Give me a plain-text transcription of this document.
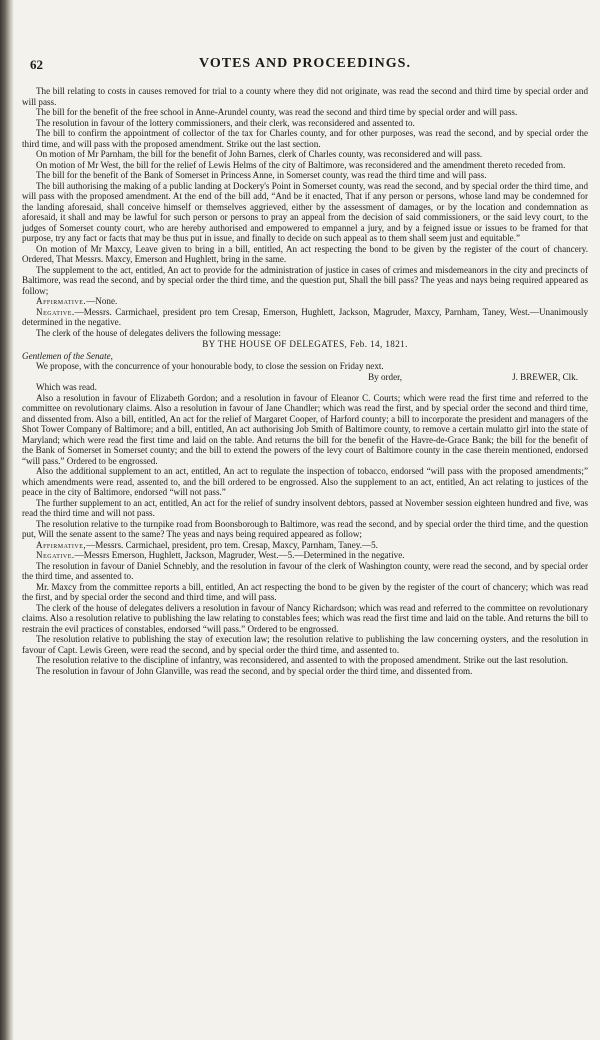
62	VOTES AND PROCEEDINGS.

The bill relating to costs in causes removed for trial to a county where they did not originate, was read the second and third time by special order and will pass.

The bill for the benefit of the free school in Anne-Arundel county, was read the second and third time by special order and will pass.

The resolution in favour of the lottery commissioners, and their clerk, was reconsidered and assented to.

The bill to confirm the appointment of collector of the tax for Charles county, and for other purposes, was read the second, and by special order the third time, and will pass with the proposed amendment. Strike out the last section.

On motion of Mr Parnham, the bill for the benefit of John Barnes, clerk of Charles county, was reconsidered and will pass.

On motion of Mr West, the bill for the relief of Lewis Helms of the city of Baltimore, was reconsidered and the amendment thereto receded from.

The bill for the benefit of the Bank of Somerset in Princess Anne, in Somerset county, was read the third time and will pass.

The bill authorising the making of a public landing at Dockery's Point in Somerset county, was read the second, and by special order the third time, and will pass with the proposed amendment. At the end of the bill add, “And be it enacted, That if any person or persons, whose land may be condemned for the landing aforesaid, shall conceive himself or themselves aggrieved, either by the assessment of damages, or by the location and condemnation as aforesaid, it shall and may be lawful for such person or persons to pray an appeal from the decision of said commissioners, or the said levy court, to the judges of Somerset county court, who are hereby authorised and empowered to empannel a jury, and by a feigned issue or issues to be framed for that purpose, try any fact or facts that may be thus put in issue, and finally to decide on such appeal as to them shall seem just and equitable.”

On motion of Mr Maxcy, Leave given to bring in a bill, entitled, An act respecting the bond to be given by the register of the court of chancery. Ordered, That Messrs. Maxcy, Emerson and Hughlett, bring in the same.

The supplement to the act, entitled, An act to provide for the administration of justice in cases of crimes and misdemeanors in the city and precincts of Baltimore, was read the second, and by special order the third time, and the question put, Shall the bill pass? The yeas and nays being required appeared as follow;

Affirmative.—None.

Negative.—Messrs. Carmichael, president pro tem Cresap, Emerson, Hughlett, Jackson, Magruder, Maxcy, Parnham, Taney, West.—Unanimously determined in the negative.

The clerk of the house of delegates delivers the following message:

BY THE HOUSE OF DELEGATES, Feb. 14, 1821.

Gentlemen of the Senate,

We propose, with the concurrence of your honourable body, to close the session on Friday next.

By order,	J. BREWER, Clk.

Which was read.

Also a resolution in favour of Elizabeth Gordon; and a resolution in favour of Eleanor C. Courts; which were read the first time and referred to the committee on revolutionary claims. Also a resolution in favour of Jane Chandler; which was read the first, and by special order the second and third time, and dissented from. Also a bill, entitled, An act for the relief of Margaret Cooper, of Harford county; a bill to incorporate the president and managers of the Shot Tower Company of Baltimore; and a bill, entitled, An act authorising Job Smith of Baltimore county, to remove a certain mulatto girl into the state of Maryland; which were read the first time and laid on the table. And returns the bill for the benefit of the Havre-de-Grace Bank; the bill for the benefit of the Bank of Somerset in Somerset county; and the bill to extend the powers of the levy court of Baltimore county in the case therein mentioned, endorsed “will pass.” Ordered to be engrossed.

Also the additional supplement to an act, entitled, An act to regulate the inspection of tobacco, endorsed “will pass with the proposed amendments;” which amendments were read, assented to, and the bill ordered to be engrossed. Also the supplement to an act, entitled, An act relating to justices of the peace in the city of Baltimore, endorsed “will not pass.”

The further supplement to an act, entitled, An act for the relief of sundry insolvent debtors, passed at November session eighteen hundred and five, was read the third time and will not pass.

The resolution relative to the turnpike road from Boonsborough to Baltimore, was read the second, and by special order the third time, and the question put, Will the senate assent to the same? The yeas and nays being required appeared as follow;

Affirmative,—Messrs. Carmichael, president, pro tem. Cresap, Maxcy, Parnham, Taney.—5.

Negative.—Messrs Emerson, Hughlett, Jackson, Magruder, West.—5.—Determined in the negative.

The resolution in favour of Daniel Schnebly, and the resolution in favour of the clerk of Washington county, were read the second, and by special order the third time, and assented to.

Mr. Maxcy from the committee reports a bill, entitled, An act respecting the bond to be given by the register of the court of chancery; which was read the first, and by special order the second and third time, and will pass.

The clerk of the house of delegates delivers a resolution in favour of Nancy Richardson; which was read and referred to the committee on revolutionary claims. Also a resolution relative to publishing the law relating to constables fees; which was read the first time and laid on the table. And returns the bill to restrain the evil practices of constables, endorsed “will pass.” Ordered to be engrossed.

The resolution relative to publishing the stay of execution law; the resolution relative to publishing the law concerning oysters, and the resolution in favour of Capt. Lewis Green, were read the second, and by special order the third time, and assented to.

The resolution relative to the discipline of infantry, was reconsidered, and assented to with the proposed amendment. Strike out the last resolution.

The resolution in favour of John Glanville, was read the second, and by special order the third time, and dissented from.
